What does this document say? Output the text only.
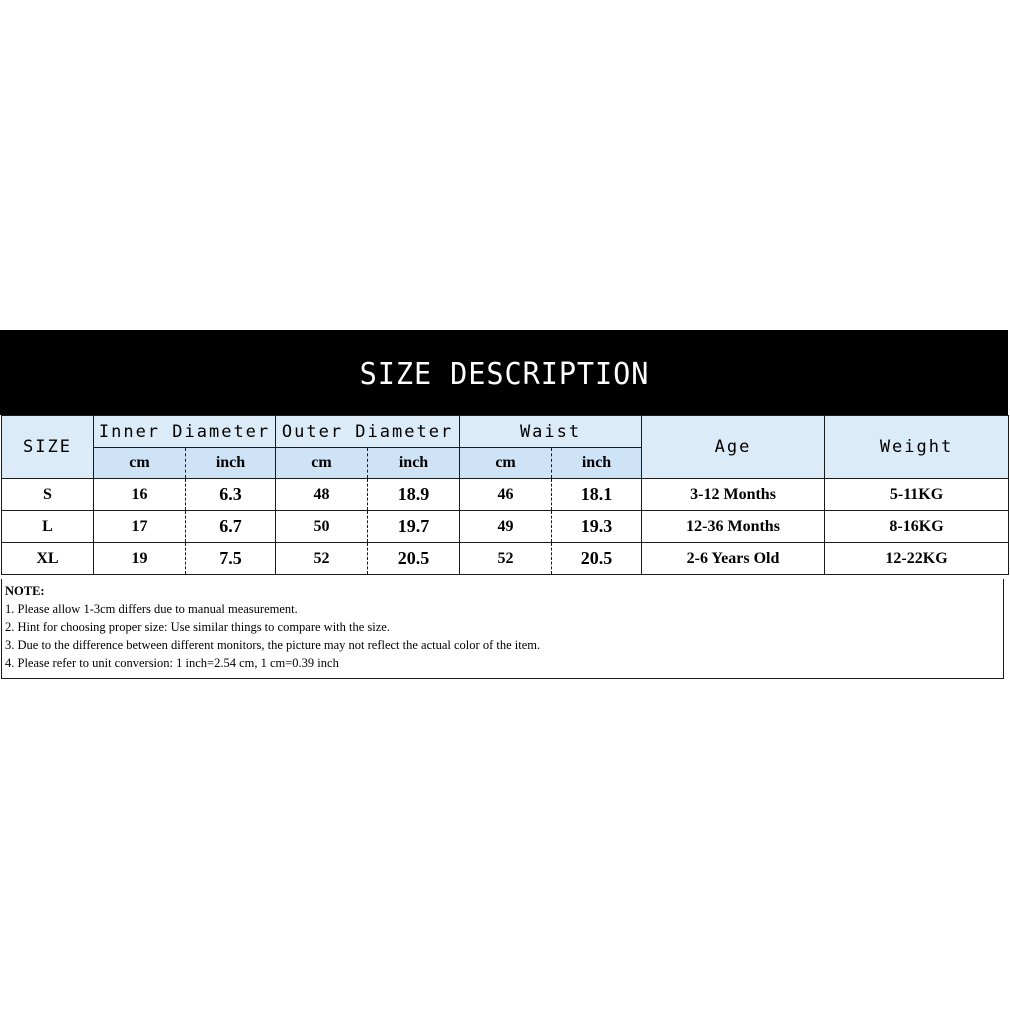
SIZE DESCRIPTION
SIZE	Inner Diameter		Outer Diameter		Waist		Age	Weight
	cm	inch	cm	inch	cm	inch		
S	16	6.3	48	18.9	46	18.1	3-12 Months	5-11KG
L	17	6.7	50	19.7	49	19.3	12-36 Months	8-16KG
XL	19	7.5	52	20.5	52	20.5	2-6 Years Old	12-22KG
NOTE:
1. Please allow 1-3cm differs due to manual measurement.
2. Hint for choosing proper size: Use similar things to compare with the size.
3. Due to the difference between different monitors, the picture may not reflect the actual color of the item.
4. Please refer to unit conversion: 1 inch=2.54 cm, 1 cm=0.39 inch
